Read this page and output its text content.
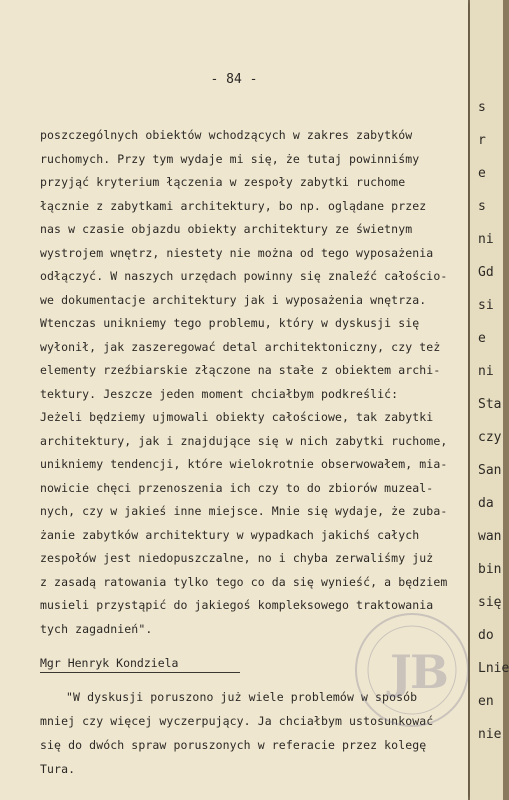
- 84 -
poszczególnych obiektów wchodzących w zakres zabytków
ruchomych. Przy tym wydaje mi się, że tutaj powinniśmy
przyjąć kryterium łączenia w zespoły zabytki ruchome
łącznie z zabytkami architektury, bo np. oglądane przez
nas w czasie objazdu obiekty architektury ze świetnym
wystrojem wnętrz, niestety nie można od tego wyposażenia
odłączyć. W naszych urzędach powinny się znaleźć całościo-
we dokumentacje architektury jak i wyposażenia wnętrza.
Wtenczas unikniemy tego problemu, który w dyskusji się
wyłonił, jak zaszeregować detal architektoniczny, czy też
elementy rzeźbiarskie złączone na stałe z obiektem archi-
tektury. Jeszcze jeden moment chciałbym podkreślić:
Jeżeli będziemy ujmowali obiekty całościowe, tak zabytki
architektury, jak i znajdujące się w nich zabytki ruchome,
unikniemy tendencji, które wielokrotnie obserwowałem, mia-
nowicie chęci przenoszenia ich czy to do zbiorów muzeal-
nych, czy w jakieś inne miejsce. Mnie się wydaje, że zuba-
żanie zabytków architektury w wypadkach jakichś całych
zespołów jest niedopuszczalne, no i chyba zerwaliśmy już
z zasadą ratowania tylko tego co da się wynieść, a będziem
musieli przystąpić do jakiegoś kompleksowego traktowania
tych zagadnień".
Mgr Henryk Kondziela
"W dyskusji poruszono już wiele problemów w sposób
mniej czy więcej wyczerpujący. Ja chciałbym ustosunkować
się do dwóch spraw poruszonych w referacie przez kolegę
Tura.
J
B
s
r
e
s
ni
Gd
si
e
ni
Sta
czy
San
da
wan
bin
się
do
Lnie
en
nie
